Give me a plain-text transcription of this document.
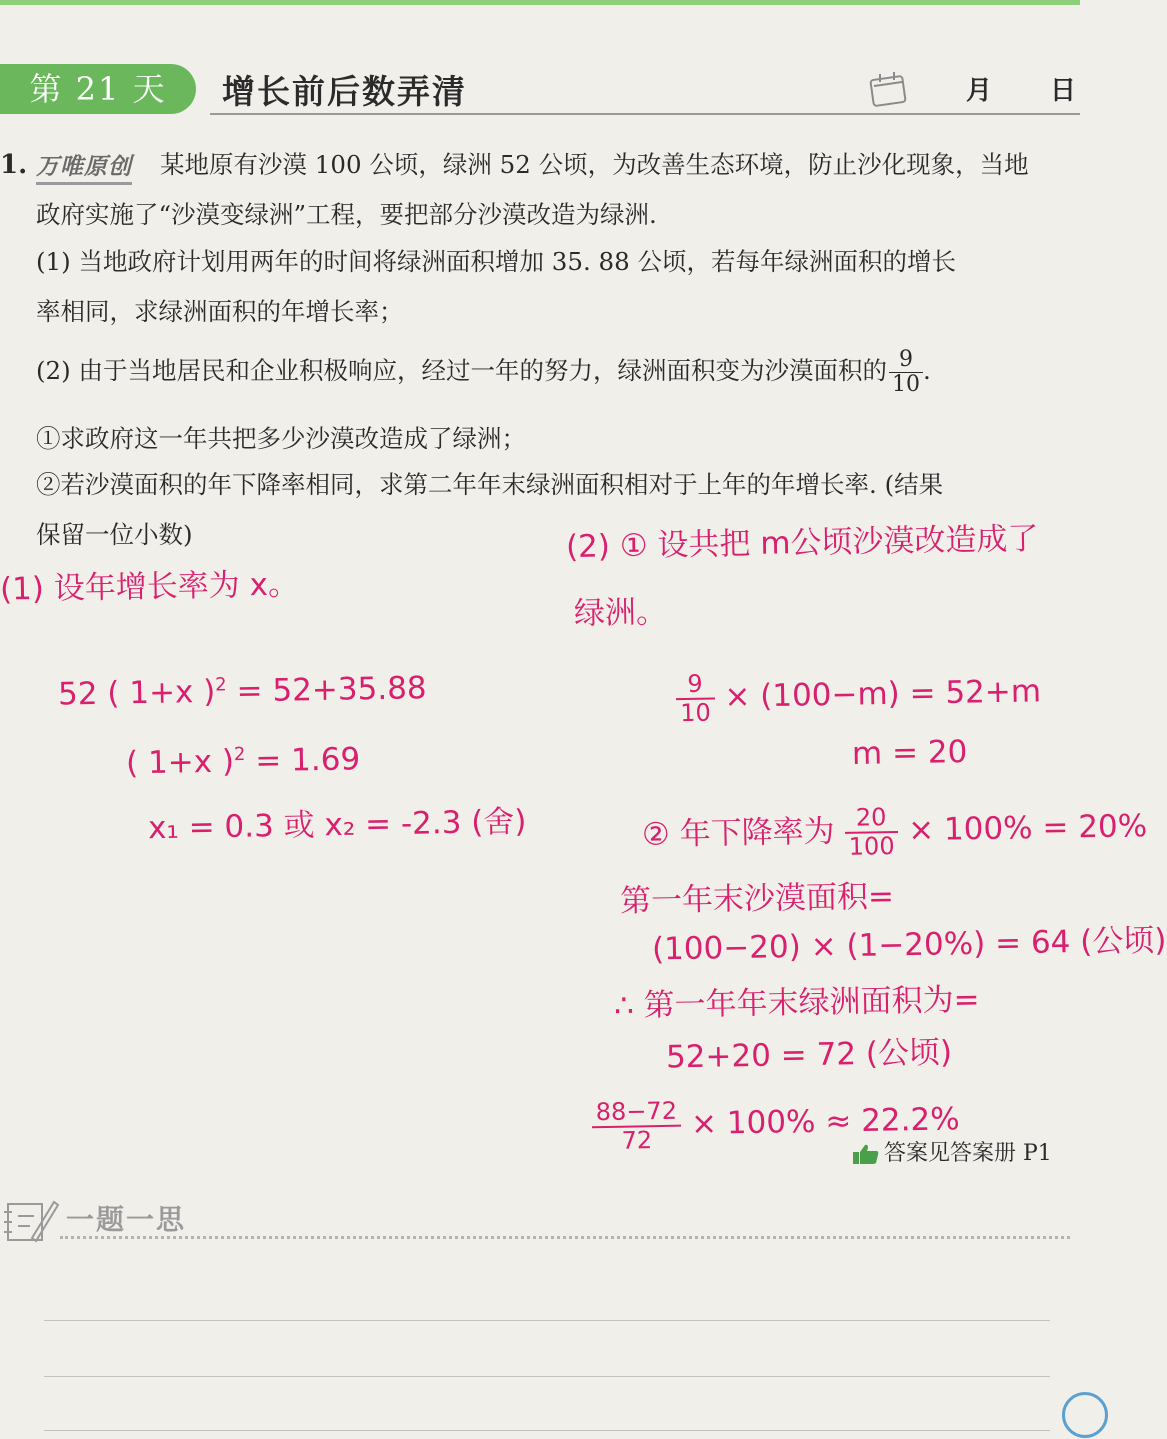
第 21 天	增长前后数弄清	月 日
1. 万唯原创 某地原有沙漠 100 公顷，绿洲 52 公顷，为改善生态环境，防止沙化现象，当地
政府实施了“沙漠变绿洲”工程，要把部分沙漠改造为绿洲.
(1) 当地政府计划用两年的时间将绿洲面积增加 35. 88 公顷，若每年绿洲面积的增长
率相同，求绿洲面积的年增长率；
(2) 由于当地居民和企业积极响应，经过一年的努力，绿洲面积变为沙漠面积的 $\frac{9}{10}$ .
①求政府这一年共把多少沙漠改造成了绿洲；
②若沙漠面积的年下降率相同，求第二年年末绿洲面积相对于上年的年增长率. (结果
保留一位小数)
(1) 设年增长率为 x。
52 ( 1+x )$^2$ = 52+35.88
( 1+x )$^2$ = 1.69
x₁ = 0.3 或 x₂ = -2.3 (舍)
(2) ① 设共把 m公顷沙漠改造成了
绿洲。
$\frac{9}{10} \times (100-m) = 52+m$
m = 20
② 年下降率为 $\frac{20}{100} \times 100\% = 20\%$
第一年末沙漠面积=
(100−20) × (1−20%) = 64 (公顷)
∴ 第一年年末绿洲面积为=
52+20 = 72 (公顷)
$\frac{88-72}{72} \times 100\% \approx 22.2\%$
答案见答案册 P1
一题一思
